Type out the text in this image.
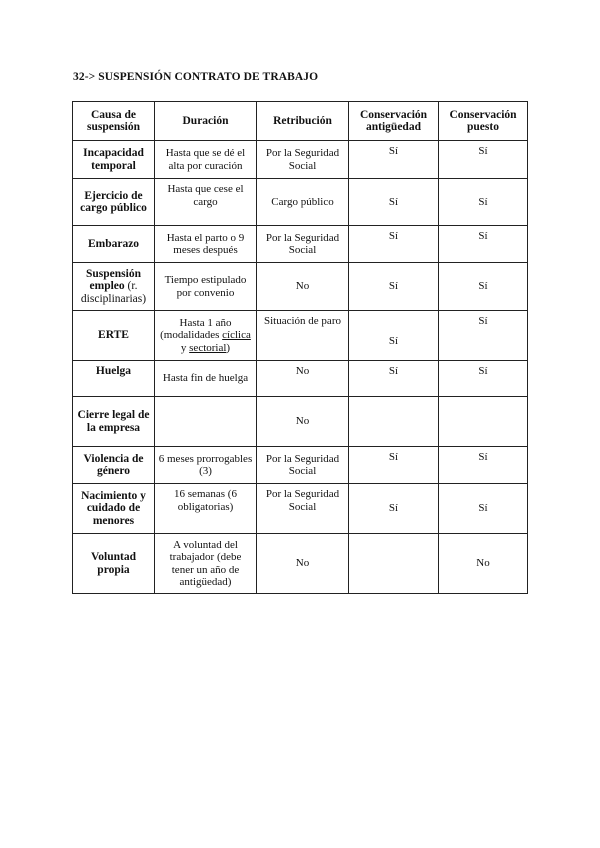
32-> SUSPENSIÓN CONTRATO DE TRABAJO
Causa de suspensión	Duración	Retribución	Conservación antigüedad	Conservación puesto
Incapacidad temporal	Hasta que se dé el alta por curación	Por la Seguridad Social	Sí	Sí
Ejercicio de cargo público	Hasta que cese el cargo	Cargo público	Sí	Sí
Embarazo	Hasta el parto o 9 meses después	Por la Seguridad Social	Sí	Sí
Suspensión empleo (r. disciplinarias)	Tiempo estipulado por convenio	No	Sí	Sí
ERTE	Hasta 1 año (modalidades cíclica y sectorial)	Situación de paro	Sí	Sí
Huelga	Hasta fin de huelga	No	Sí	Sí
Cierre legal de la empresa		No		
Violencia de género	6 meses prorrogables (3)	Por la Seguridad Social	Sí	Sí
Nacimiento y cuidado de menores	16 semanas (6 obligatorias)	Por la Seguridad Social	Sí	Sí
Voluntad propia	A voluntad del trabajador (debe tener un año de antigüedad)	No		No
